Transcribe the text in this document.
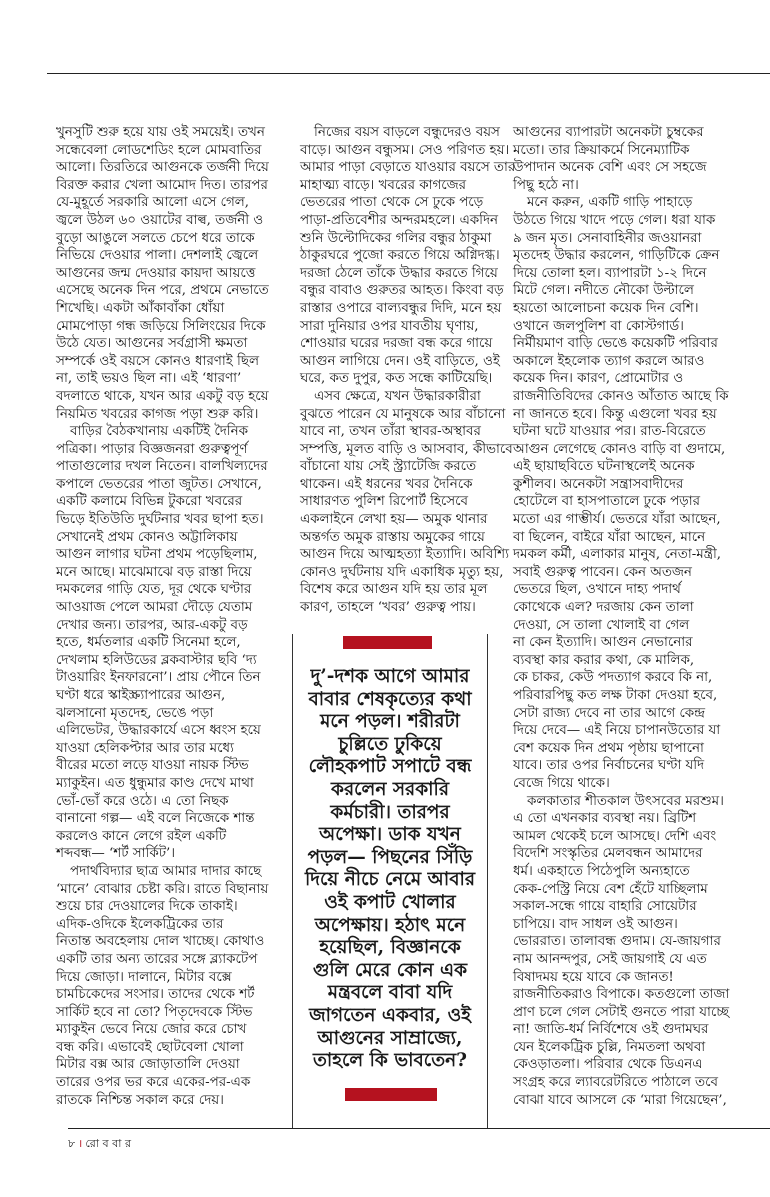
খুনসুটি শুরু হয়ে যায় ওই সময়েই। তখন
সন্ধেবেলা লোডশেডিং হলে মোমবাতির
আলো। তিরতিরে আগুনকে তর্জনী দিয়ে
বিরক্ত করার খেলা আমোদ দিত। তারপর
যে-মুহূর্তে সরকারি আলো এসে গেল,
জ্বলে উঠল ৬০ ওয়াটের বাল্ব, তর্জনী ও
বুড়ো আঙুলে সলতে চেপে ধরে তাকে
নিভিয়ে দেওয়ার পালা। দেশলাই জ্বেলে
আগুনের জন্ম দেওয়ার কায়দা আয়ত্তে
এসেছে অনেক দিন পরে, প্রথমে নেভাতে
শিখেছি। একটা আঁকাবাঁকা ধোঁয়া
মোমপোড়া গন্ধ জড়িয়ে সিলিংয়ের দিকে
উঠে যেত। আগুনের সর্বগ্রাসী ক্ষমতা
সম্পর্কে ওই বয়সে কোনও ধারণাই ছিল
না, তাই ভয়ও ছিল না। এই ‘ধারণা’
বদলাতে থাকে, যখন আর একটু বড় হয়ে
নিয়মিত খবরের কাগজ পড়া শুরু করি।
বাড়ির বৈঠকখানায় একটিই দৈনিক
পত্রিকা। পাড়ার বিজ্ঞজনরা গুরুত্বপূর্ণ
পাতাগুলোর দখল নিতেন। বালখিল্যদের
কপালে ভেতরের পাতা জুটত। সেখানে,
একটি কলামে বিভিন্ন টুকরো খবরের
ভিড়ে ইতিউতি দুর্ঘটনার খবর ছাপা হত।
সেখানেই প্রথম কোনও অট্টালিকায়
আগুন লাগার ঘটনা প্রথম পড়েছিলাম,
মনে আছে। মাঝেমাঝে বড় রাস্তা দিয়ে
দমকলের গাড়ি যেত, দূর থেকে ঘণ্টার
আওয়াজ পেলে আমরা দৌড়ে যেতাম
দেখার জন্য। তারপর, আর-একটু বড়
হতে, ধর্মতলার একটি সিনেমা হলে,
দেখলাম হলিউডের ব্লকবাস্টার ছবি ‘দ্য
টাওয়ারিং ইনফারনো’। প্রায় পৌনে তিন
ঘণ্টা ধরে স্কাইস্ক্র্যাপারের আগুন,
ঝলসানো মৃতদেহ, ভেঙে পড়া
এলিভেটর, উদ্ধারকার্যে এসে ধ্বংস হয়ে
যাওয়া হেলিকপ্টার আর তার মধ্যে
বীরের মতো লড়ে যাওয়া নায়ক স্টিভ
ম্যাকুইন। এত ধুন্ধুমার কাণ্ড দেখে মাথা
ভোঁ-ভোঁ করে ওঠে। এ তো নিছক
বানানো গল্প— এই বলে নিজেকে শান্ত
করলেও কানে লেগে রইল একটি
শব্দবন্ধ— ‘শর্ট সার্কিট’।
পদার্থবিদ্যার ছাত্র আমার দাদার কাছে
‘মানে’ বোঝার চেষ্টা করি। রাতে বিছানায়
শুয়ে চার দেওয়ালের দিকে তাকাই।
এদিক-ওদিকে ইলেকট্রিকের তার
নিতান্ত অবহেলায় দোল খাচ্ছে। কোথাও
একটি তার অন্য তারের সঙ্গে ব্ল্যাকটেপ
দিয়ে জোড়া। দালানে, মিটার বক্সে
চামচিকেদের সংসার। তাদের থেকে শর্ট
সার্কিট হবে না তো? পিতৃদেবকে স্টিভ
ম্যাকুইন ভেবে নিয়ে জোর করে চোখ
বন্ধ করি। এভাবেই ছোটবেলা খোলা
মিটার বক্স আর জোড়াতালি দেওয়া
তারের ওপর ভর করে একের-পর-এক
রাতকে নিশ্চিন্ত সকাল করে দেয়।
নিজের বয়স বাড়লে বন্ধুদেরও বয়স
বাড়ে। আগুন বন্ধুসম। সেও পরিণত হয়।
আমার পাড়া বেড়াতে যাওয়ার বয়সে তার
মাহাত্ম্য বাড়ে। খবরের কাগজের
ভেতরের পাতা থেকে সে ঢুকে পড়ে
পাড়া-প্রতিবেশীর অন্দরমহলে। একদিন
শুনি উল্টোদিকের গলির বন্ধুর ঠাকুমা
ঠাকুরঘরে পুজো করতে গিয়ে অগ্নিদগ্ধ।
দরজা ঠেলে তাঁকে উদ্ধার করতে গিয়ে
বন্ধুর বাবাও গুরুতর আহত। কিংবা বড়
রাস্তার ওপারে বাল্যবন্ধুর দিদি, মনে হয়
সারা দুনিয়ার ওপর যাবতীয় ঘৃণায়,
শোওয়ার ঘরের দরজা বন্ধ করে গায়ে
আগুন লাগিয়ে দেন। ওই বাড়িতে, ওই
ঘরে, কত দুপুর, কত সন্ধে কাটিয়েছি।
এসব ক্ষেত্রে, যখন উদ্ধারকারীরা
বুঝতে পারেন যে মানুষকে আর বাঁচানো
যাবে না, তখন তাঁরা স্থাবর-অস্থাবর
সম্পত্তি, মূলত বাড়ি ও আসবাব, কীভাবে
বাঁচানো যায় সেই স্ট্র্যাটেজি করতে
থাকেন। এই ধরনের খবর দৈনিকে
সাধারণত পুলিশ রিপোর্ট হিসেবে
একলাইনে লেখা হয়— অমুক থানার
অন্তর্গত অমুক রাস্তায় অমুকের গায়ে
আগুন দিয়ে আত্মহত্যা ইত্যাদি। অবিশ্যি
কোনও দুর্ঘটনায় যদি একাধিক মৃত্যু হয়,
বিশেষ করে আগুন যদি হয় তার মূল
কারণ, তাহলে ‘খবর’ গুরুত্ব পায়।
আগুনের ব্যাপারটা অনেকটা চুম্বকের
মতো। তার ক্রিয়াকর্মে সিনেম্যাটিক
উপাদান অনেক বেশি এবং সে সহজে
পিছু হঠে না।
মনে করুন, একটি গাড়ি পাহাড়ে
উঠতে গিয়ে খাদে পড়ে গেল। ধরা যাক
৯ জন মৃত। সেনাবাহিনীর জওয়ানরা
মৃতদেহ উদ্ধার করলেন, গাড়িটিকে ক্রেন
দিয়ে তোলা হল। ব্যাপারটা ১-২ দিনে
মিটে গেল। নদীতে নৌকো উল্টালে
হয়তো আলোচনা কয়েক দিন বেশি।
ওখানে জলপুলিশ বা কোস্টগার্ড।
নির্মীয়মাণ বাড়ি ভেঙে কয়েকটি পরিবার
অকালে ইহলোক ত্যাগ করলে আরও
কয়েক দিন। কারণ, প্রোমোটার ও
রাজনীতিবিদের কোনও আঁতাত আছে কি
না জানতে হবে। কিন্তু এগুলো খবর হয়
ঘটনা ঘটে যাওয়ার পর। রাত-বিরেতে
আগুন লেগেছে কোনও বাড়ি বা গুদামে,
এই ছায়াছবিতে ঘটনাস্থলেই অনেক
কুশীলব। অনেকটা সন্ত্রাসবাদীদের
হোটেলে বা হাসপাতালে ঢুকে পড়ার
মতো এর গাম্ভীর্য। ভেতরে যাঁরা আছেন,
বা ছিলেন, বাইরে যাঁরা আছেন, মানে
দমকল কর্মী, এলাকার মানুষ, নেতা-মন্ত্রী,
সবাই গুরুত্ব পাবেন। কেন অতজন
ভেতরে ছিল, ওখানে দাহ্য পদার্থ
কোথেকে এল? দরজায় কেন তালা
দেওয়া, সে তালা খোলাই বা গেল
না কেন ইত্যাদি। আগুন নেভানোর
ব্যবস্থা কার করার কথা, কে মালিক,
কে চাকর, কেউ পদত্যাগ করবে কি না,
পরিবারপিছু কত লক্ষ টাকা দেওয়া হবে,
সেটা রাজ্য দেবে না তার আগে কেন্দ্র
দিয়ে দেবে— এই নিয়ে চাপানউতোর যা
বেশ কয়েক দিন প্রথম পৃষ্ঠায় ছাপানো
যাবে। তার ওপর নির্বাচনের ঘণ্টা যদি
বেজে গিয়ে থাকে।
কলকাতার শীতকাল উৎসবের মরশুম।
এ তো এখনকার ব্যবস্থা নয়। ব্রিটিশ
আমল থেকেই চলে আসছে। দেশি এবং
বিদেশি সংস্কৃতির মেলবন্ধন আমাদের
ধর্ম। একহাতে পিঠেপুলি অন্যহাতে
কেক-পেস্ট্রি নিয়ে বেশ হেঁটে যাচ্ছিলাম
সকাল-সন্ধে গায়ে বাহারি সোয়েটার
চাপিয়ে। বাদ সাধল ওই আগুন।
ভোররাত। তালাবন্ধ গুদাম। যে-জায়গার
নাম আনন্দপুর, সেই জায়গাই যে এত
বিষাদময় হয়ে যাবে কে জানত!
রাজনীতিকরাও বিপাকে। কতগুলো তাজা
প্রাণ চলে গেল সেটাই গুনতে পারা যাচ্ছে
না! জাতি-ধর্ম নির্বিশেষে ওই গুদামঘর
যেন ইলেকট্রিক চুল্লি, নিমতলা অথবা
কেওড়াতলা। পরিবার থেকে ডিএনএ
সংগ্রহ করে ল্যাবরেটরিতে পাঠালে তবে
বোঝা যাবে আসলে কে ‘মারা গিয়েছেন’,
দু’-দশক আগে আমার
বাবার শেষকৃত্যের কথা
মনে পড়ল। শরীরটা
চুল্লিতে ঢুকিয়ে
লৌহকপাট সপাটে বন্ধ
করলেন সরকারি
কর্মচারী। তারপর
অপেক্ষা। ডাক যখন
পড়ল— পিছনের সিঁড়ি
দিয়ে নীচে নেমে আবার
ওই কপাট খোলার
অপেক্ষায়। হঠাৎ মনে
হয়েছিল, বিজ্ঞানকে
গুলি মেরে কোন এক
মন্ত্রবলে বাবা যদি
জাগতেন একবার, ওই
আগুনের সাম্রাজ্যে,
তাহলে কি ভাবতেন?
৮ । রো ব বা র
